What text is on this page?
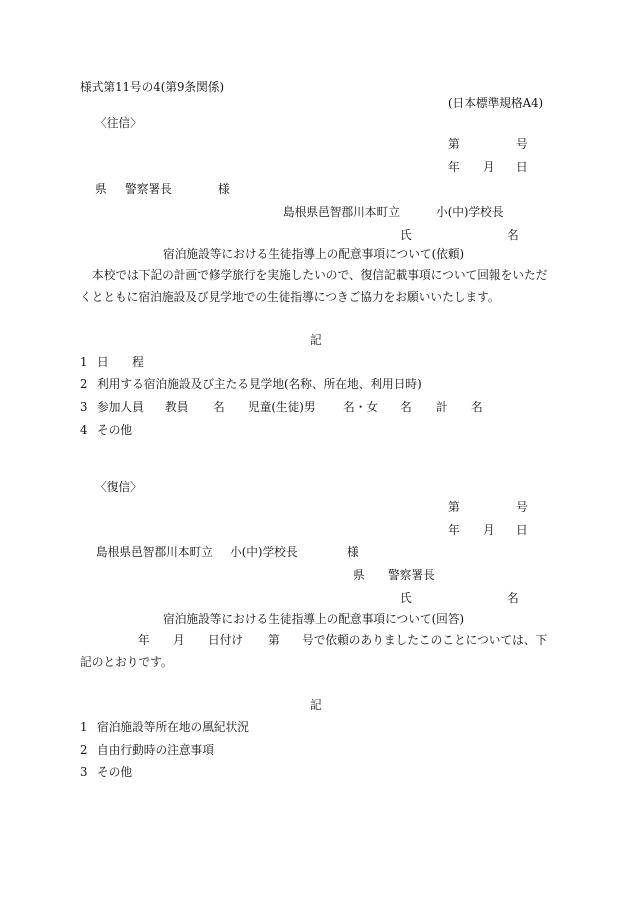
様式第11号の4(第9条関係)
(日本標準規格A4)
〈往信〉
第	号
年 月 日
県 警察署長	様
島根県邑智郡川本町立	小(中)学校長
氏	名
宿泊施設等における生徒指導上の配意事項について(依頼)
本校では下記の計画で修学旅行を実施したいので、復信記載事項について回報をいただ
くとともに宿泊施設及び見学地での生徒指導につきご協力をお願いいたします。
記
1 日　　程
2 利用する宿泊施設及び主たる見学地(名称、所在地、利用日時)
3 参加人員 教員 名 児童(生徒)男 名・女 名 計 名
4 その他
〈復信〉
第	号
年 月 日
島根県邑智郡川本町立 小(中)学校長	様
県 警察署長
氏	名
宿泊施設等における生徒指導上の配意事項について(回答)
年 月 日付け 第 号で依頼のありましたこのことについては、下
記のとおりです。
記
1 宿泊施設等所在地の風紀状況
2 自由行動時の注意事項
3 その他
